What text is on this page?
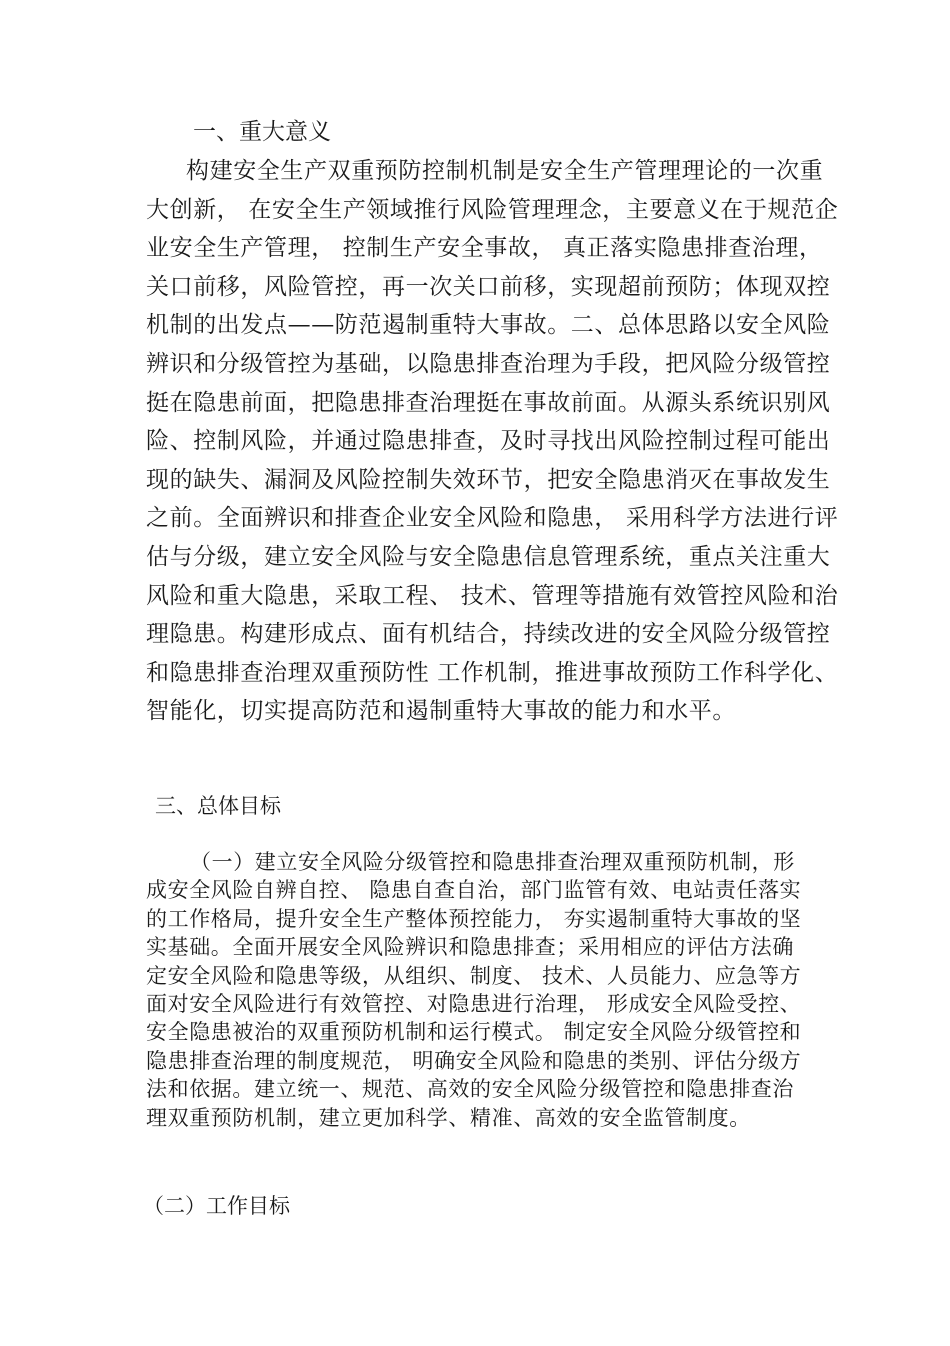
一、重大意义

构建安全生产双重预防控制机制是安全生产管理理论的一次重大创新， 在安全生产领域推行风险管理理念，主要意义在于规范企业安全生产管理， 控制生产安全事故， 真正落实隐患排查治理，关口前移，风险管控，再一次关口前移，实现超前预防；体现双控机制的出发点——防范遏制重特大事故。二、总体思路以安全风险辨识和分级管控为基础，以隐患排查治理为手段，把风险分级管控挺在隐患前面，把隐患排查治理挺在事故前面。从源头系统识别风险、控制风险，并通过隐患排查，及时寻找出风险控制过程可能出现的缺失、漏洞及风险控制失效环节，把安全隐患消灭在事故发生之前。全面辨识和排查企业安全风险和隐患， 采用科学方法进行评估与分级，建立安全风险与安全隐患信息管理系统，重点关注重大风险和重大隐患，采取工程、 技术、管理等措施有效管控风险和治理隐患。构建形成点、面有机结合，持续改进的安全风险分级管控和隐患排查治理双重预防性 工作机制，推进事故预防工作科学化、智能化，切实提高防范和遏制重特大事故的能力和水平。

三、总体目标

（一）建立安全风险分级管控和隐患排查治理双重预防机制，形成安全风险自辨自控、 隐患自查自治，部门监管有效、电站责任落实的工作格局，提升安全生产整体预控能力， 夯实遏制重特大事故的坚实基础。全面开展安全风险辨识和隐患排查；采用相应的评估方法确定安全风险和隐患等级，从组织、制度、 技术、人员能力、应急等方面对安全风险进行有效管控、对隐患进行治理， 形成安全风险受控、安全隐患被治的双重预防机制和运行模式。 制定安全风险分级管控和隐患排查治理的制度规范， 明确安全风险和隐患的类别、评估分级方法和依据。建立统一、规范、高效的安全风险分级管控和隐患排查治理双重预防机制，建立更加科学、精准、高效的安全监管制度。

（二）工作目标
